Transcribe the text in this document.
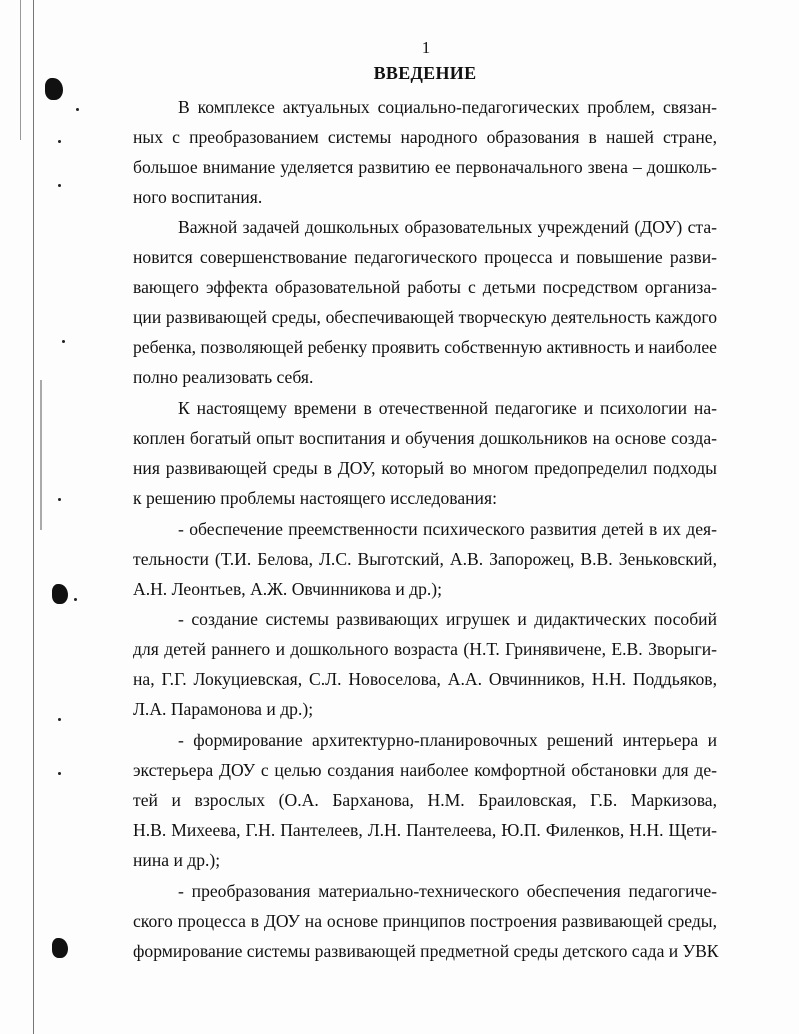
1
ВВЕДЕНИЕ
В комплексе актуальных социально-педагогических проблем, связан-
ных с преобразованием системы народного образования в нашей стране,
большое внимание уделяется развитию ее первоначального звена – дошколь-
ного воспитания.
Важной задачей дошкольных образовательных учреждений (ДОУ) ста-
новится совершенствование педагогического процесса и повышение разви-
вающего эффекта образовательной работы с детьми посредством организа-
ции развивающей среды, обеспечивающей творческую деятельность каждого
ребенка, позволяющей ребенку проявить собственную активность и наиболее
полно реализовать себя.
К настоящему времени в отечественной педагогике и психологии на-
коплен богатый опыт воспитания и обучения дошкольников на основе созда-
ния развивающей среды в ДОУ, который во многом предопределил подходы
к решению проблемы настоящего исследования:
- обеспечение преемственности психического развития детей в их дея-
тельности (Т.И. Белова, Л.С. Выготский, А.В. Запорожец, В.В. Зеньковский,
А.Н. Леонтьев, А.Ж. Овчинникова и др.);
- создание системы развивающих игрушек и дидактических пособий
для детей раннего и дошкольного возраста (Н.Т. Гринявичене, Е.В. Зворыги-
на, Г.Г. Локуциевская, С.Л. Новоселова, А.А. Овчинников, Н.Н. Поддьяков,
Л.А. Парамонова и др.);
- формирование архитектурно-планировочных решений интерьера и
экстерьера ДОУ с целью создания наиболее комфортной обстановки для де-
тей и взрослых (О.А. Барханова, Н.М. Браиловская, Г.Б. Маркизова,
Н.В. Михеева, Г.Н. Пантелеев, Л.Н. Пантелеева, Ю.П. Филенков, Н.Н. Щети-
нина и др.);
- преобразования материально-технического обеспечения педагогиче-
ского процесса в ДОУ на основе принципов построения развивающей среды,
формирование системы развивающей предметной среды детского сада и УВК
